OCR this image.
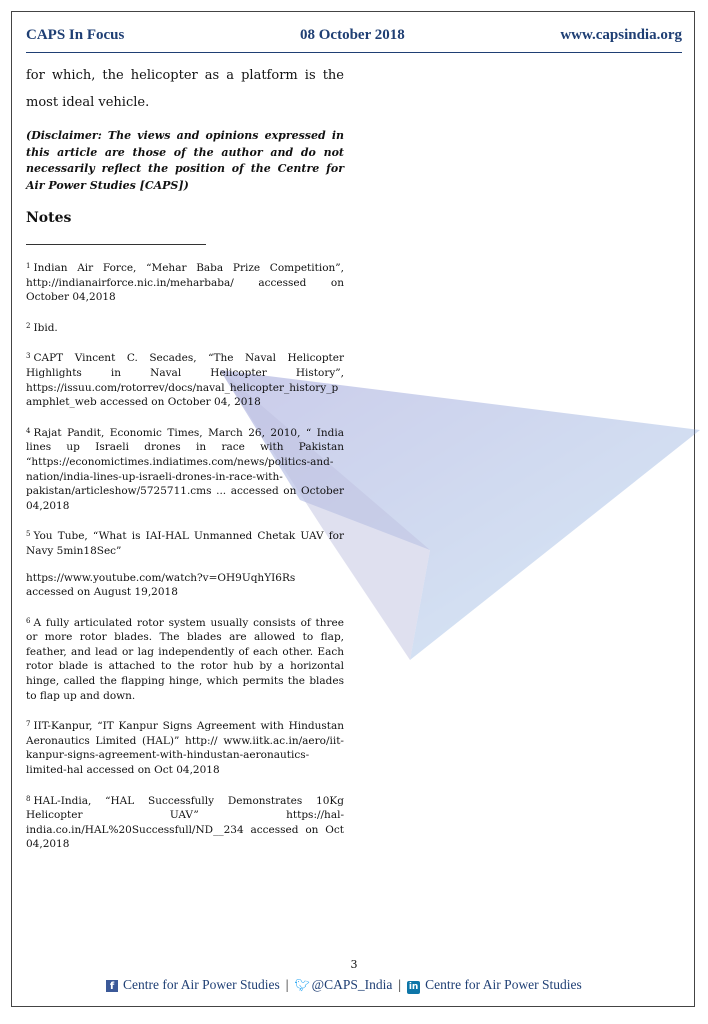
CAPS In Focus	08 October 2018	www.capsindia.org

for which, the helicopter as a platform is the most ideal vehicle.

(Disclaimer: The views and opinions expressed in this article are those of the author and do not necessarily reflect the position of the Centre for Air Power Studies [CAPS])

Notes

$^1$ Indian Air Force, “Mehar Baba Prize Competition”, http://indianairforce.nic.in/meharbaba/ accessed on October 04,2018

$^2$ Ibid.

$^3$ CAPT Vincent C. Secades, “The Naval Helicopter Highlights in Naval Helicopter History”, https://issuu.com/rotorrev/docs/naval_helicopter_history_pamphlet_web accessed on October 04, 2018

$^4$ Rajat Pandit, Economic Times, March 26, 2010, “ India lines up Israeli drones in race with Pakistan “https://economictimes.indiatimes.com/news/politics-and-nation/india-lines-up-israeli-drones-in-race-with-pakistan/articleshow/5725711.cms ... accessed on October 04,2018

$^5$ You Tube, “What is IAI-HAL Unmanned Chetak UAV for Navy 5min18Sec”

https://www.youtube.com/watch?v=OH9UqhYI6Rs accessed on August 19,2018

$^6$ A fully articulated rotor system usually consists of three or more rotor blades. The blades are allowed to flap, feather, and lead or lag independently of each other. Each rotor blade is attached to the rotor hub by a horizontal hinge, called the flapping hinge, which permits the blades to flap up and down.

$^7$ IIT-Kanpur, “IT Kanpur Signs Agreement with Hindustan Aeronautics Limited (HAL)” http:// www.iitk.ac.in/aero/iit-kanpur-signs-agreement-with-hindustan-aeronautics-limited-hal accessed on Oct 04,2018

$^8$ HAL-India, “HAL Successfully Demonstrates 10Kg Helicopter UAV” https://hal-india.co.in/HAL%20Successfull/ND__234 accessed on Oct 04,2018

3
f Centre for Air Power Studies | 🐦︎ @CAPS_India | in Centre for Air Power Studies
